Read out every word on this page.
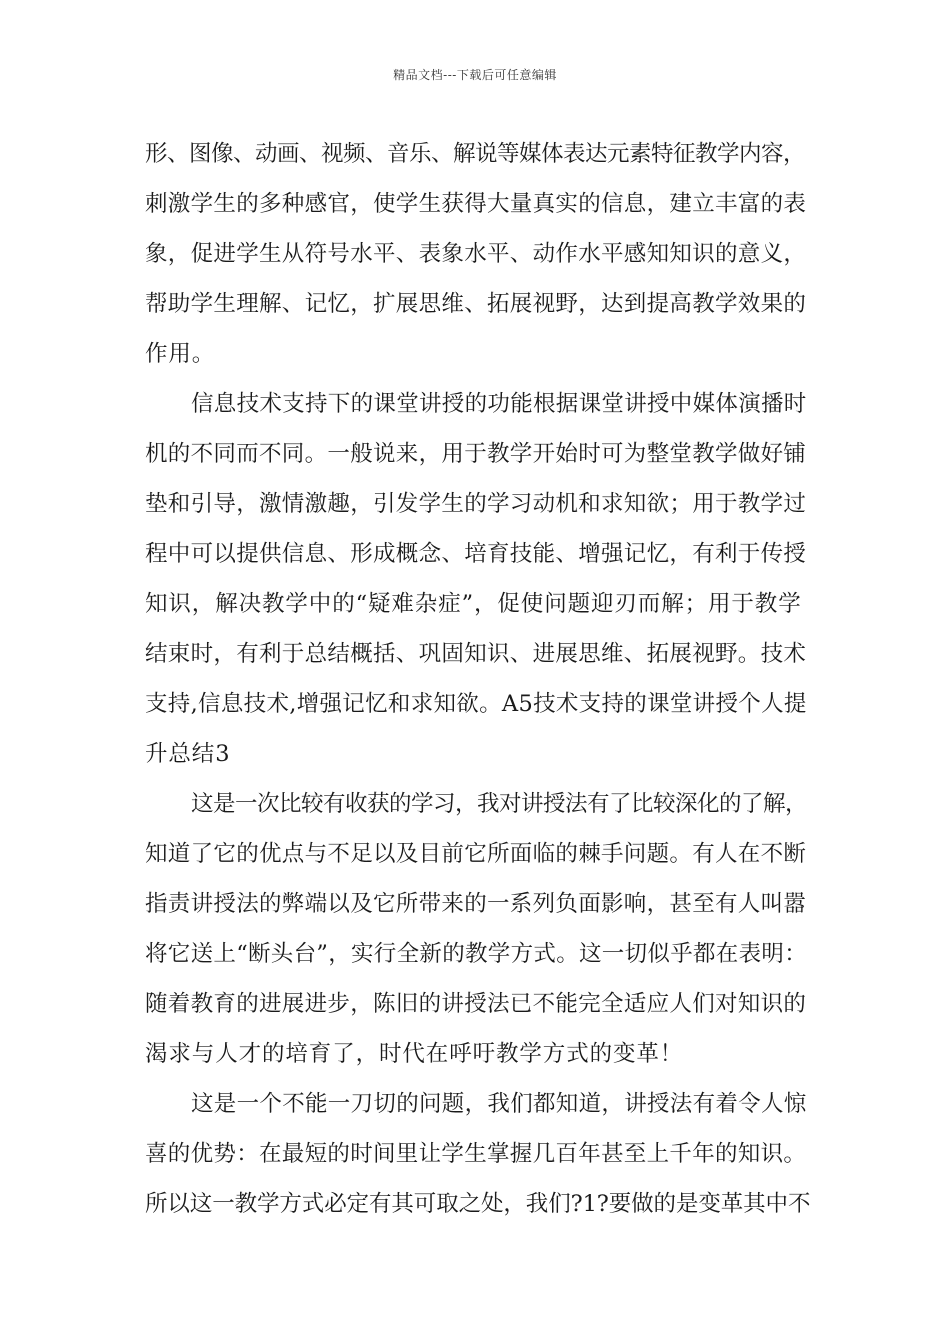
精品文档---下载后可任意编辑
形、图像、动画、视频、音乐、解说等媒体表达元素特征教学内容，
刺激学生的多种感官，使学生获得大量真实的信息，建立丰富的表
象，促进学生从符号水平、表象水平、动作水平感知知识的意义，
帮助学生理解、记忆，扩展思维、拓展视野，达到提高教学效果的
作用。
信息技术支持下的课堂讲授的功能根据课堂讲授中媒体演播时
机的不同而不同。一般说来，用于教学开始时可为整堂教学做好铺
垫和引导，激情激趣，引发学生的学习动机和求知欲；用于教学过
程中可以提供信息、形成概念、培育技能、增强记忆，有利于传授
知识，解决教学中的“疑难杂症”，促使问题迎刃而解；用于教学
结束时，有利于总结概括、巩固知识、进展思维、拓展视野。技术
支持,信息技术,增强记忆和求知欲。A5技术支持的课堂讲授个人提
升总结3
这是一次比较有收获的学习，我对讲授法有了比较深化的了解，
知道了它的优点与不足以及目前它所面临的棘手问题。有人在不断
指责讲授法的弊端以及它所带来的一系列负面影响，甚至有人叫嚣
将它送上“断头台”，实行全新的教学方式。这一切似乎都在表明：
随着教育的进展进步，陈旧的讲授法已不能完全适应人们对知识的
渴求与人才的培育了，时代在呼吁教学方式的变革！
这是一个不能一刀切的问题，我们都知道，讲授法有着令人惊
喜的优势：在最短的时间里让学生掌握几百年甚至上千年的知识。
所以这一教学方式必定有其可取之处，我们?1?要做的是变革其中不
